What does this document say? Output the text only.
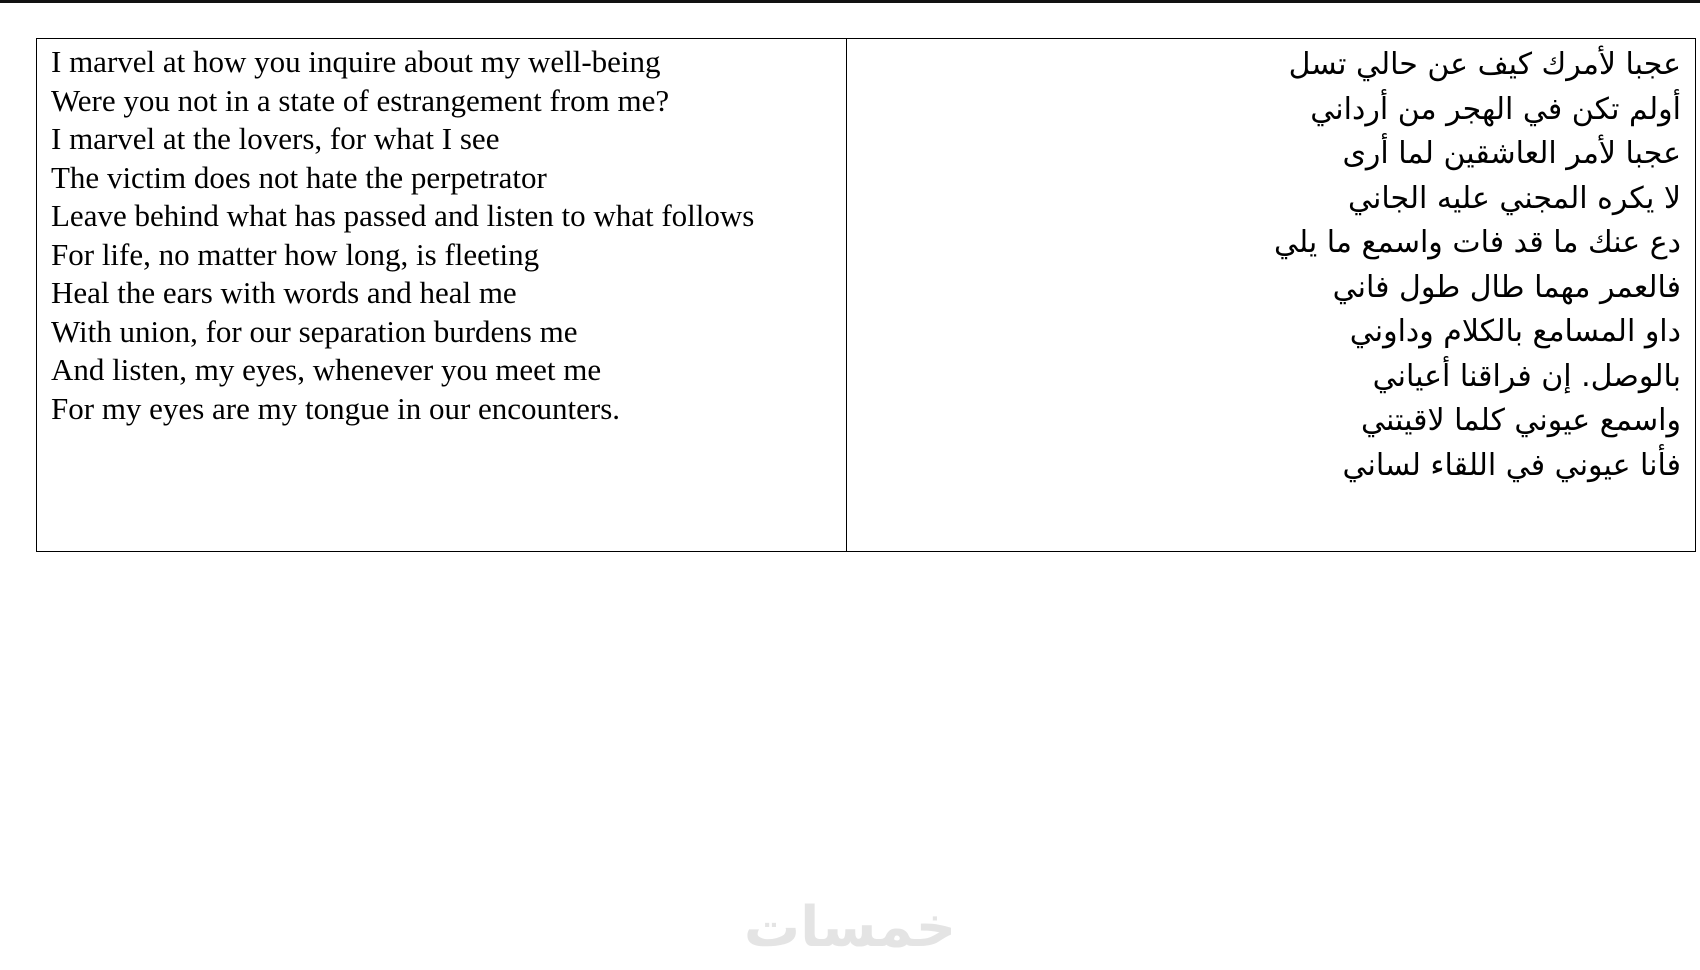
I marvel at how you inquire about my well-being
Were you not in a state of estrangement from me?
I marvel at the lovers, for what I see
The victim does not hate the perpetrator
Leave behind what has passed and listen to what follows
For life, no matter how long, is fleeting
Heal the ears with words and heal me
With union, for our separation burdens me
And listen, my eyes, whenever you meet me
For my eyes are my tongue in our encounters.
عجبا لأمرك كيف عن حالي تسل
أولم تكن في الهجر من أرداني
عجبا لأمر العاشقين لما أرى
لا يكره المجني عليه الجاني
دع عنك ما قد فات واسمع ما يلي
فالعمر مهما طال طول فاني
داو المسامع بالكلام وداوني
بالوصل. إن فراقنا أعياني
واسمع عيوني كلما لاقيتني
فأنا عيوني في اللقاء لساني
خمسات
